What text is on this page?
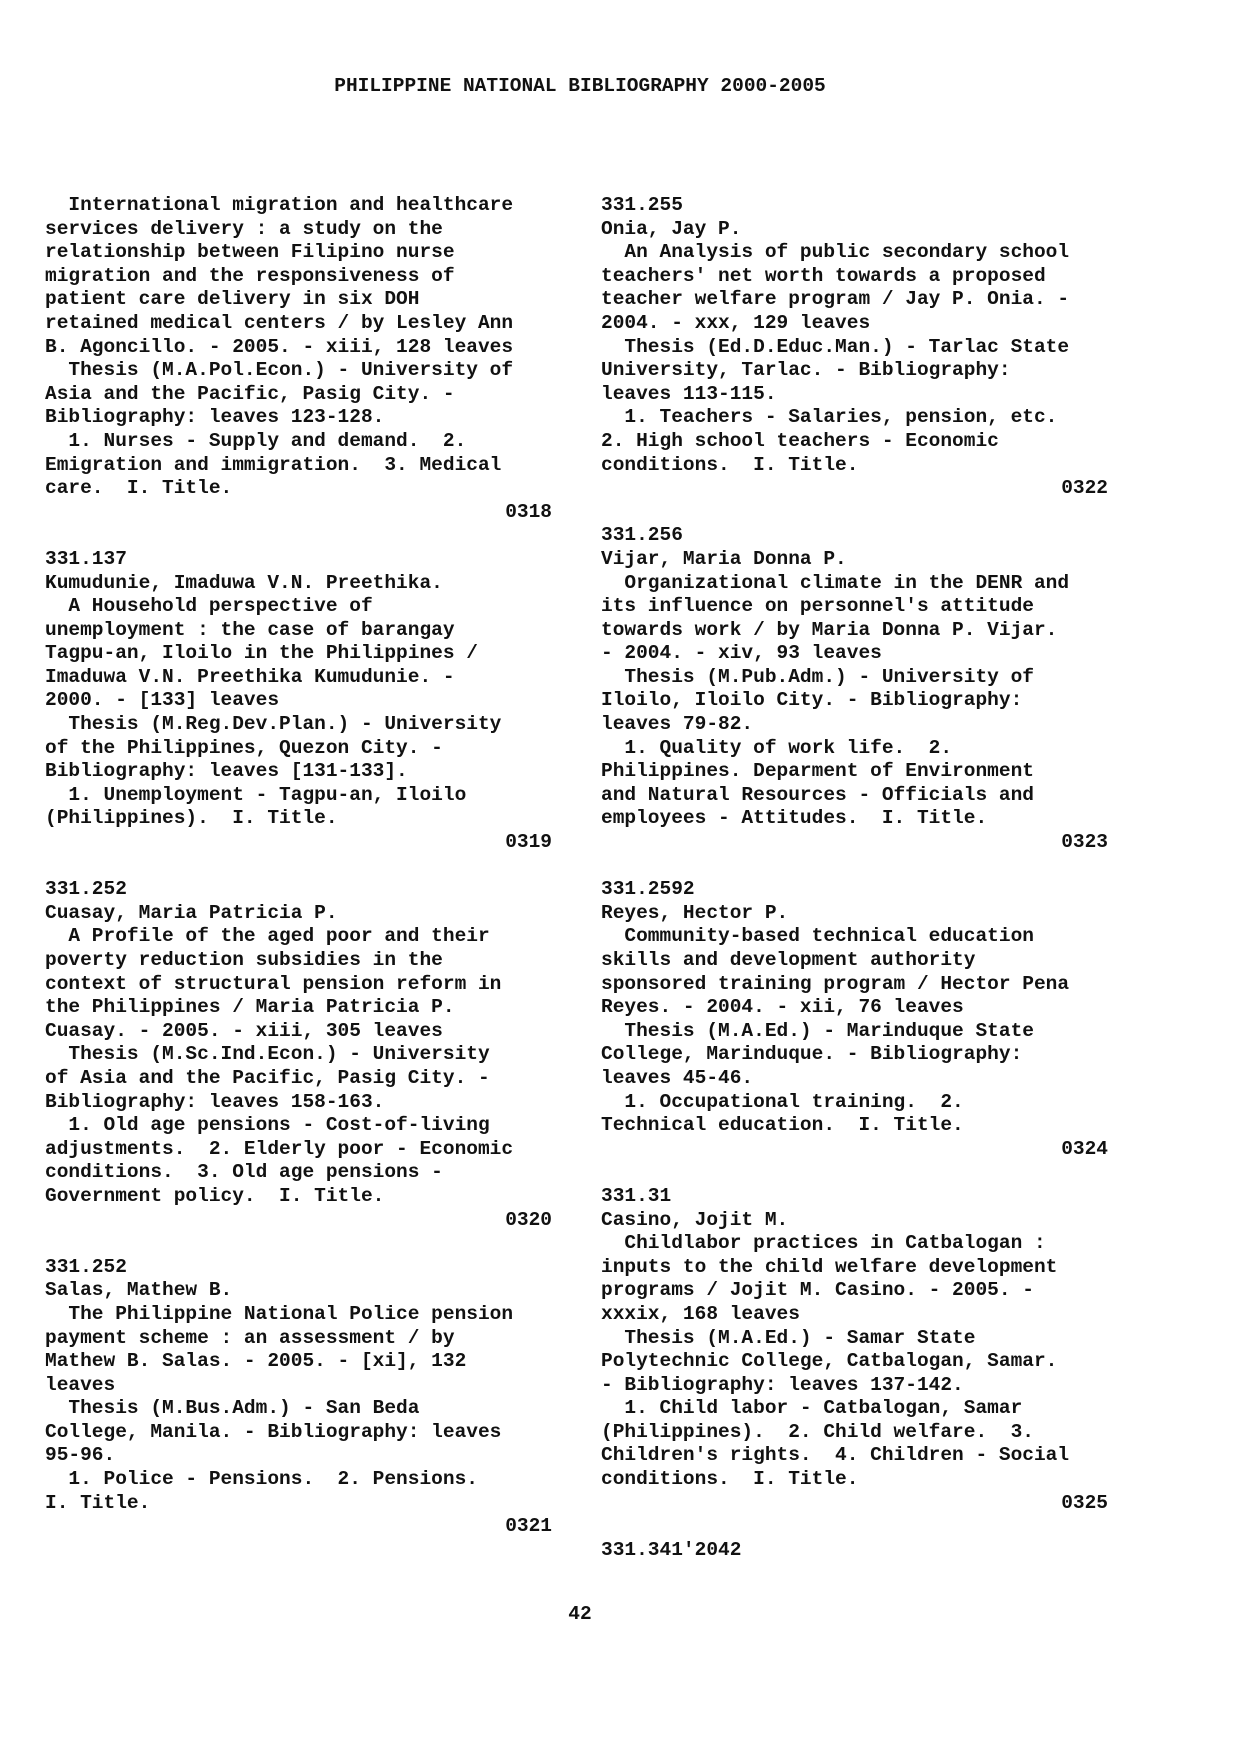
PHILIPPINE NATIONAL BIBLIOGRAPHY 2000-2005
International migration and healthcare
services delivery : a study on the
relationship between Filipino nurse
migration and the responsiveness of
patient care delivery in six DOH
retained medical centers / by Lesley Ann
B. Agoncillo. - 2005. - xiii, 128 leaves
Thesis (M.A.Pol.Econ.) - University of
Asia and the Pacific, Pasig City. -
Bibliography: leaves 123-128.
1. Nurses - Supply and demand.  2.
Emigration and immigration.  3. Medical
care.  I. Title.
0318
331.137
Kumudunie, Imaduwa V.N. Preethika.
A Household perspective of
unemployment : the case of barangay
Tagpu-an, Iloilo in the Philippines /
Imaduwa V.N. Preethika Kumudunie. -
2000. - [133] leaves
Thesis (M.Reg.Dev.Plan.) - University
of the Philippines, Quezon City. -
Bibliography: leaves [131-133].
1. Unemployment - Tagpu-an, Iloilo
(Philippines).  I. Title.
0319
331.252
Cuasay, Maria Patricia P.
A Profile of the aged poor and their
poverty reduction subsidies in the
context of structural pension reform in
the Philippines / Maria Patricia P.
Cuasay. - 2005. - xiii, 305 leaves
Thesis (M.Sc.Ind.Econ.) - University
of Asia and the Pacific, Pasig City. -
Bibliography: leaves 158-163.
1. Old age pensions - Cost-of-living
adjustments.  2. Elderly poor - Economic
conditions.  3. Old age pensions -
Government policy.  I. Title.
0320
331.252
Salas, Mathew B.
The Philippine National Police pension
payment scheme : an assessment / by
Mathew B. Salas. - 2005. - [xi], 132
leaves
Thesis (M.Bus.Adm.) - San Beda
College, Manila. - Bibliography: leaves
95-96.
1. Police - Pensions.  2. Pensions.
I. Title.
0321
331.255
Onia, Jay P.
An Analysis of public secondary school
teachers' net worth towards a proposed
teacher welfare program / Jay P. Onia. -
2004. - xxx, 129 leaves
Thesis (Ed.D.Educ.Man.) - Tarlac State
University, Tarlac. - Bibliography:
leaves 113-115.
1. Teachers - Salaries, pension, etc.
2. High school teachers - Economic
conditions.  I. Title.
0322
331.256
Vijar, Maria Donna P.
Organizational climate in the DENR and
its influence on personnel's attitude
towards work / by Maria Donna P. Vijar.
- 2004. - xiv, 93 leaves
Thesis (M.Pub.Adm.) - University of
Iloilo, Iloilo City. - Bibliography:
leaves 79-82.
1. Quality of work life.  2.
Philippines. Deparment of Environment
and Natural Resources - Officials and
employees - Attitudes.  I. Title.
0323
331.2592
Reyes, Hector P.
Community-based technical education
skills and development authority
sponsored training program / Hector Pena
Reyes. - 2004. - xii, 76 leaves
Thesis (M.A.Ed.) - Marinduque State
College, Marinduque. - Bibliography:
leaves 45-46.
1. Occupational training.  2.
Technical education.  I. Title.
0324
331.31
Casino, Jojit M.
Childlabor practices in Catbalogan :
inputs to the child welfare development
programs / Jojit M. Casino. - 2005. -
xxxix, 168 leaves
Thesis (M.A.Ed.) - Samar State
Polytechnic College, Catbalogan, Samar.
- Bibliography: leaves 137-142.
1. Child labor - Catbalogan, Samar
(Philippines).  2. Child welfare.  3.
Children's rights.  4. Children - Social
conditions.  I. Title.
0325
331.341'2042
42
